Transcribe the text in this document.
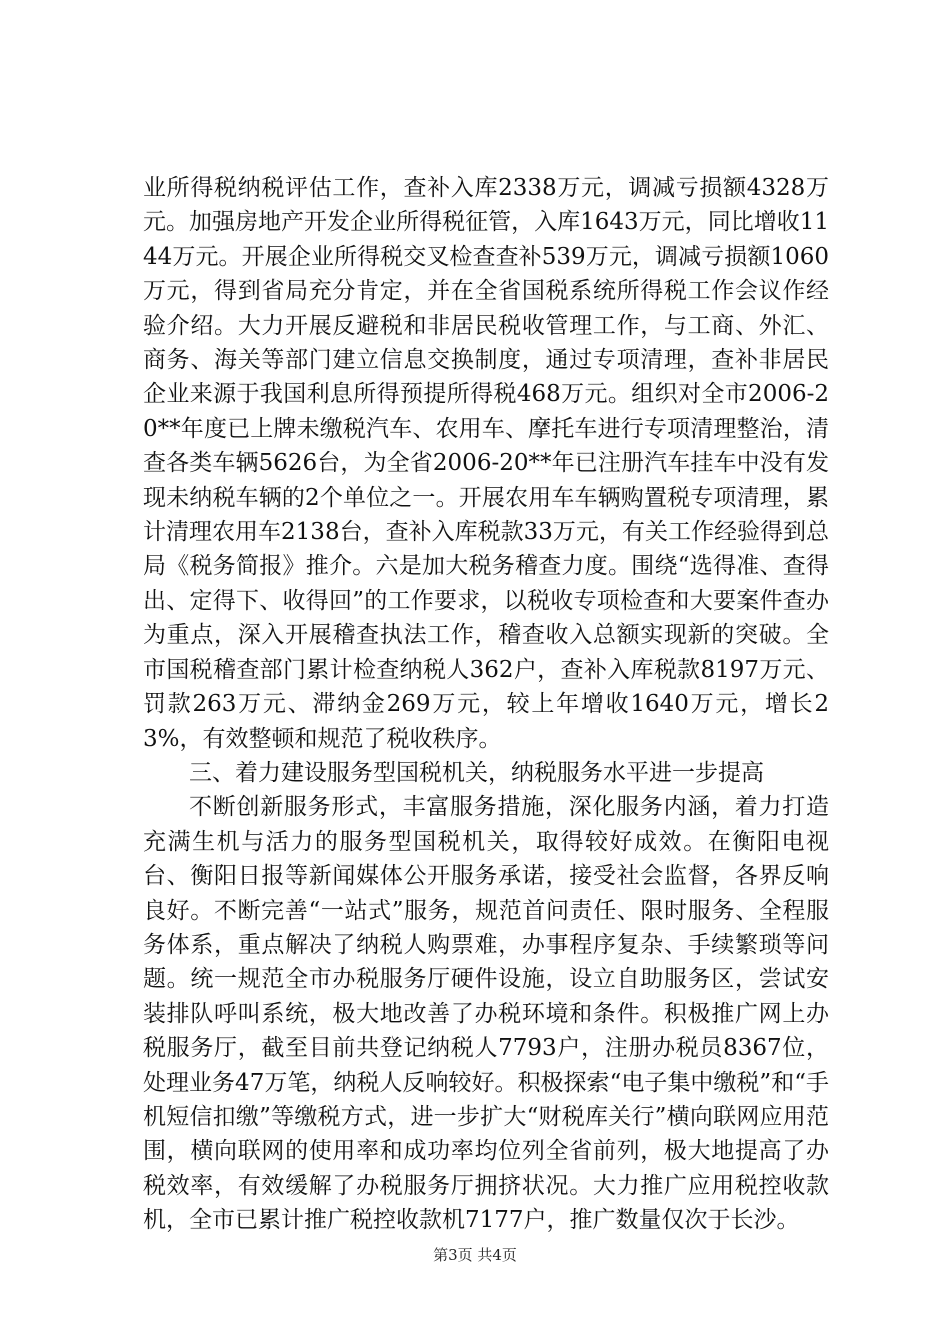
业所得税纳税评估工作，查补入库2338万元，调减亏损额4328万元。加强房地产开发企业所得税征管，入库1643万元，同比增收1144万元。开展企业所得税交叉检查查补539万元，调减亏损额1060万元，得到省局充分肯定，并在全省国税系统所得税工作会议作经验介绍。大力开展反避税和非居民税收管理工作，与工商、外汇、商务、海关等部门建立信息交换制度，通过专项清理，查补非居民企业来源于我国利息所得预提所得税468万元。组织对全市2006-20**年度已上牌未缴税汽车、农用车、摩托车进行专项清理整治，清查各类车辆5626台，为全省2006-20**年已注册汽车挂车中没有发现未纳税车辆的2个单位之一。开展农用车车辆购置税专项清理，累计清理农用车2138台，查补入库税款33万元，有关工作经验得到总局《税务简报》推介。六是加大税务稽查力度。围绕“选得准、查得出、定得下、收得回”的工作要求，以税收专项检查和大要案件查办为重点，深入开展稽查执法工作，稽查收入总额实现新的突破。全市国税稽查部门累计检查纳税人362户，查补入库税款8197万元、罚款263万元、滞纳金269万元，较上年增收1640万元，增长23%，有效整顿和规范了税收秩序。

三、着力建设服务型国税机关，纳税服务水平进一步提高

不断创新服务形式，丰富服务措施，深化服务内涵，着力打造充满生机与活力的服务型国税机关，取得较好成效。在衡阳电视台、衡阳日报等新闻媒体公开服务承诺，接受社会监督，各界反响良好。不断完善“一站式”服务，规范首问责任、限时服务、全程服务体系，重点解决了纳税人购票难，办事程序复杂、手续繁琐等问题。统一规范全市办税服务厅硬件设施，设立自助服务区，尝试安装排队呼叫系统，极大地改善了办税环境和条件。积极推广网上办税服务厅，截至目前共登记纳税人7793户，注册办税员8367位，处理业务47万笔，纳税人反响较好。积极探索“电子集中缴税”和“手机短信扣缴”等缴税方式，进一步扩大“财税库关行”横向联网应用范围，横向联网的使用率和成功率均位列全省前列，极大地提高了办税效率，有效缓解了办税服务厅拥挤状况。大力推广应用税控收款机，全市已累计推广税控收款机7177户，推广数量仅次于长沙。

第3页 共4页
